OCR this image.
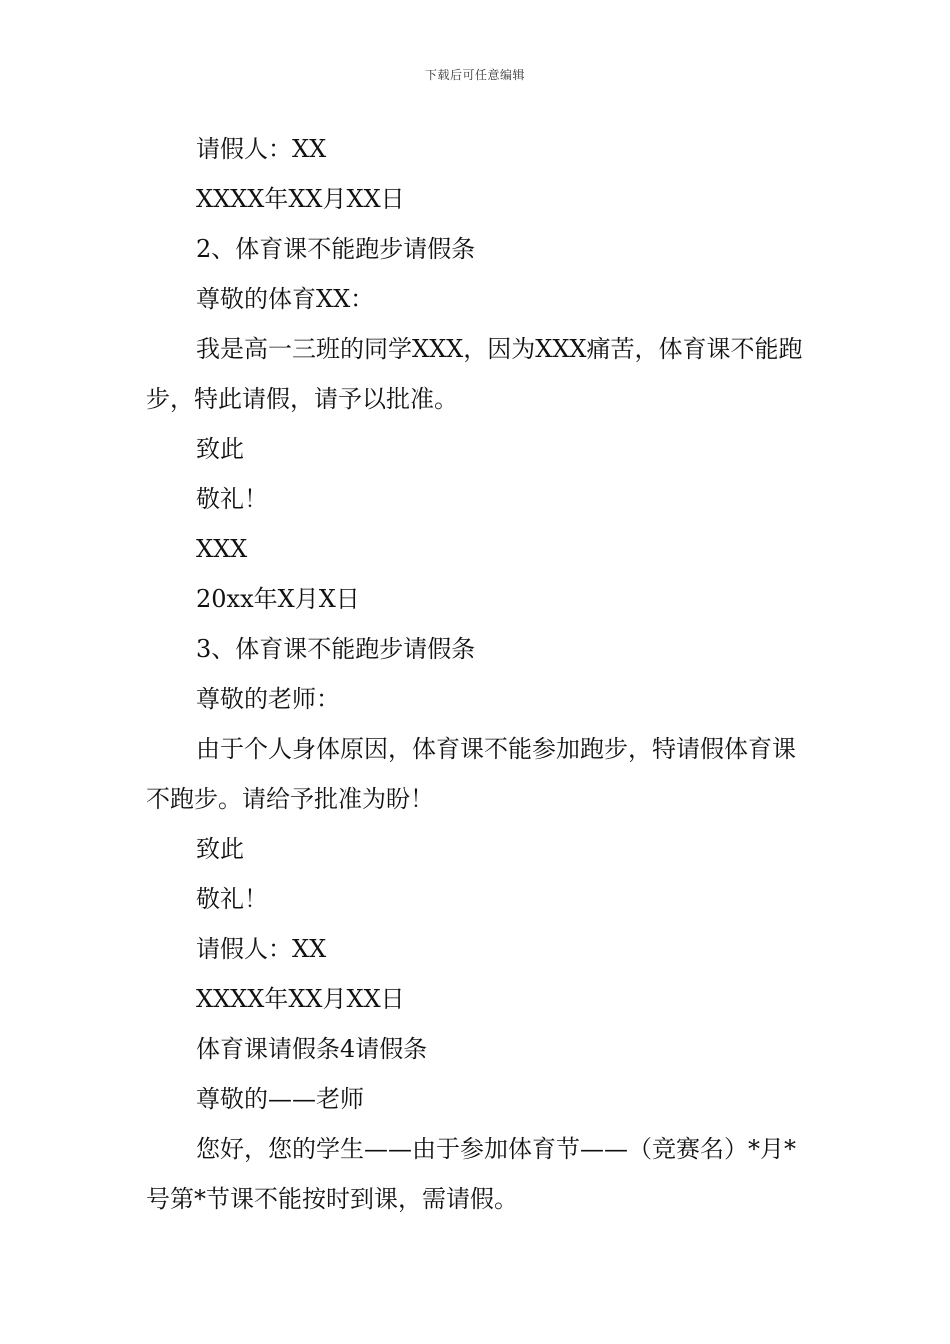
下载后可任意编辑
请假人：XX
XXXX年XX月XX日
2、体育课不能跑步请假条
尊敬的体育XX：
我是高一三班的同学XXX，因为XXX痛苦，体育课不能跑步，特此请假，请予以批准。
致此
敬礼！
XXX
20xx年X月X日
3、体育课不能跑步请假条
尊敬的老师：
由于个人身体原因，体育课不能参加跑步，特请假体育课不跑步。请给予批准为盼！
致此
敬礼！
请假人：XX
XXXX年XX月XX日
体育课请假条4请假条
尊敬的——老师
您好，您的学生——由于参加体育节——（竞赛名）*月*号第*节课不能按时到课，需请假。
